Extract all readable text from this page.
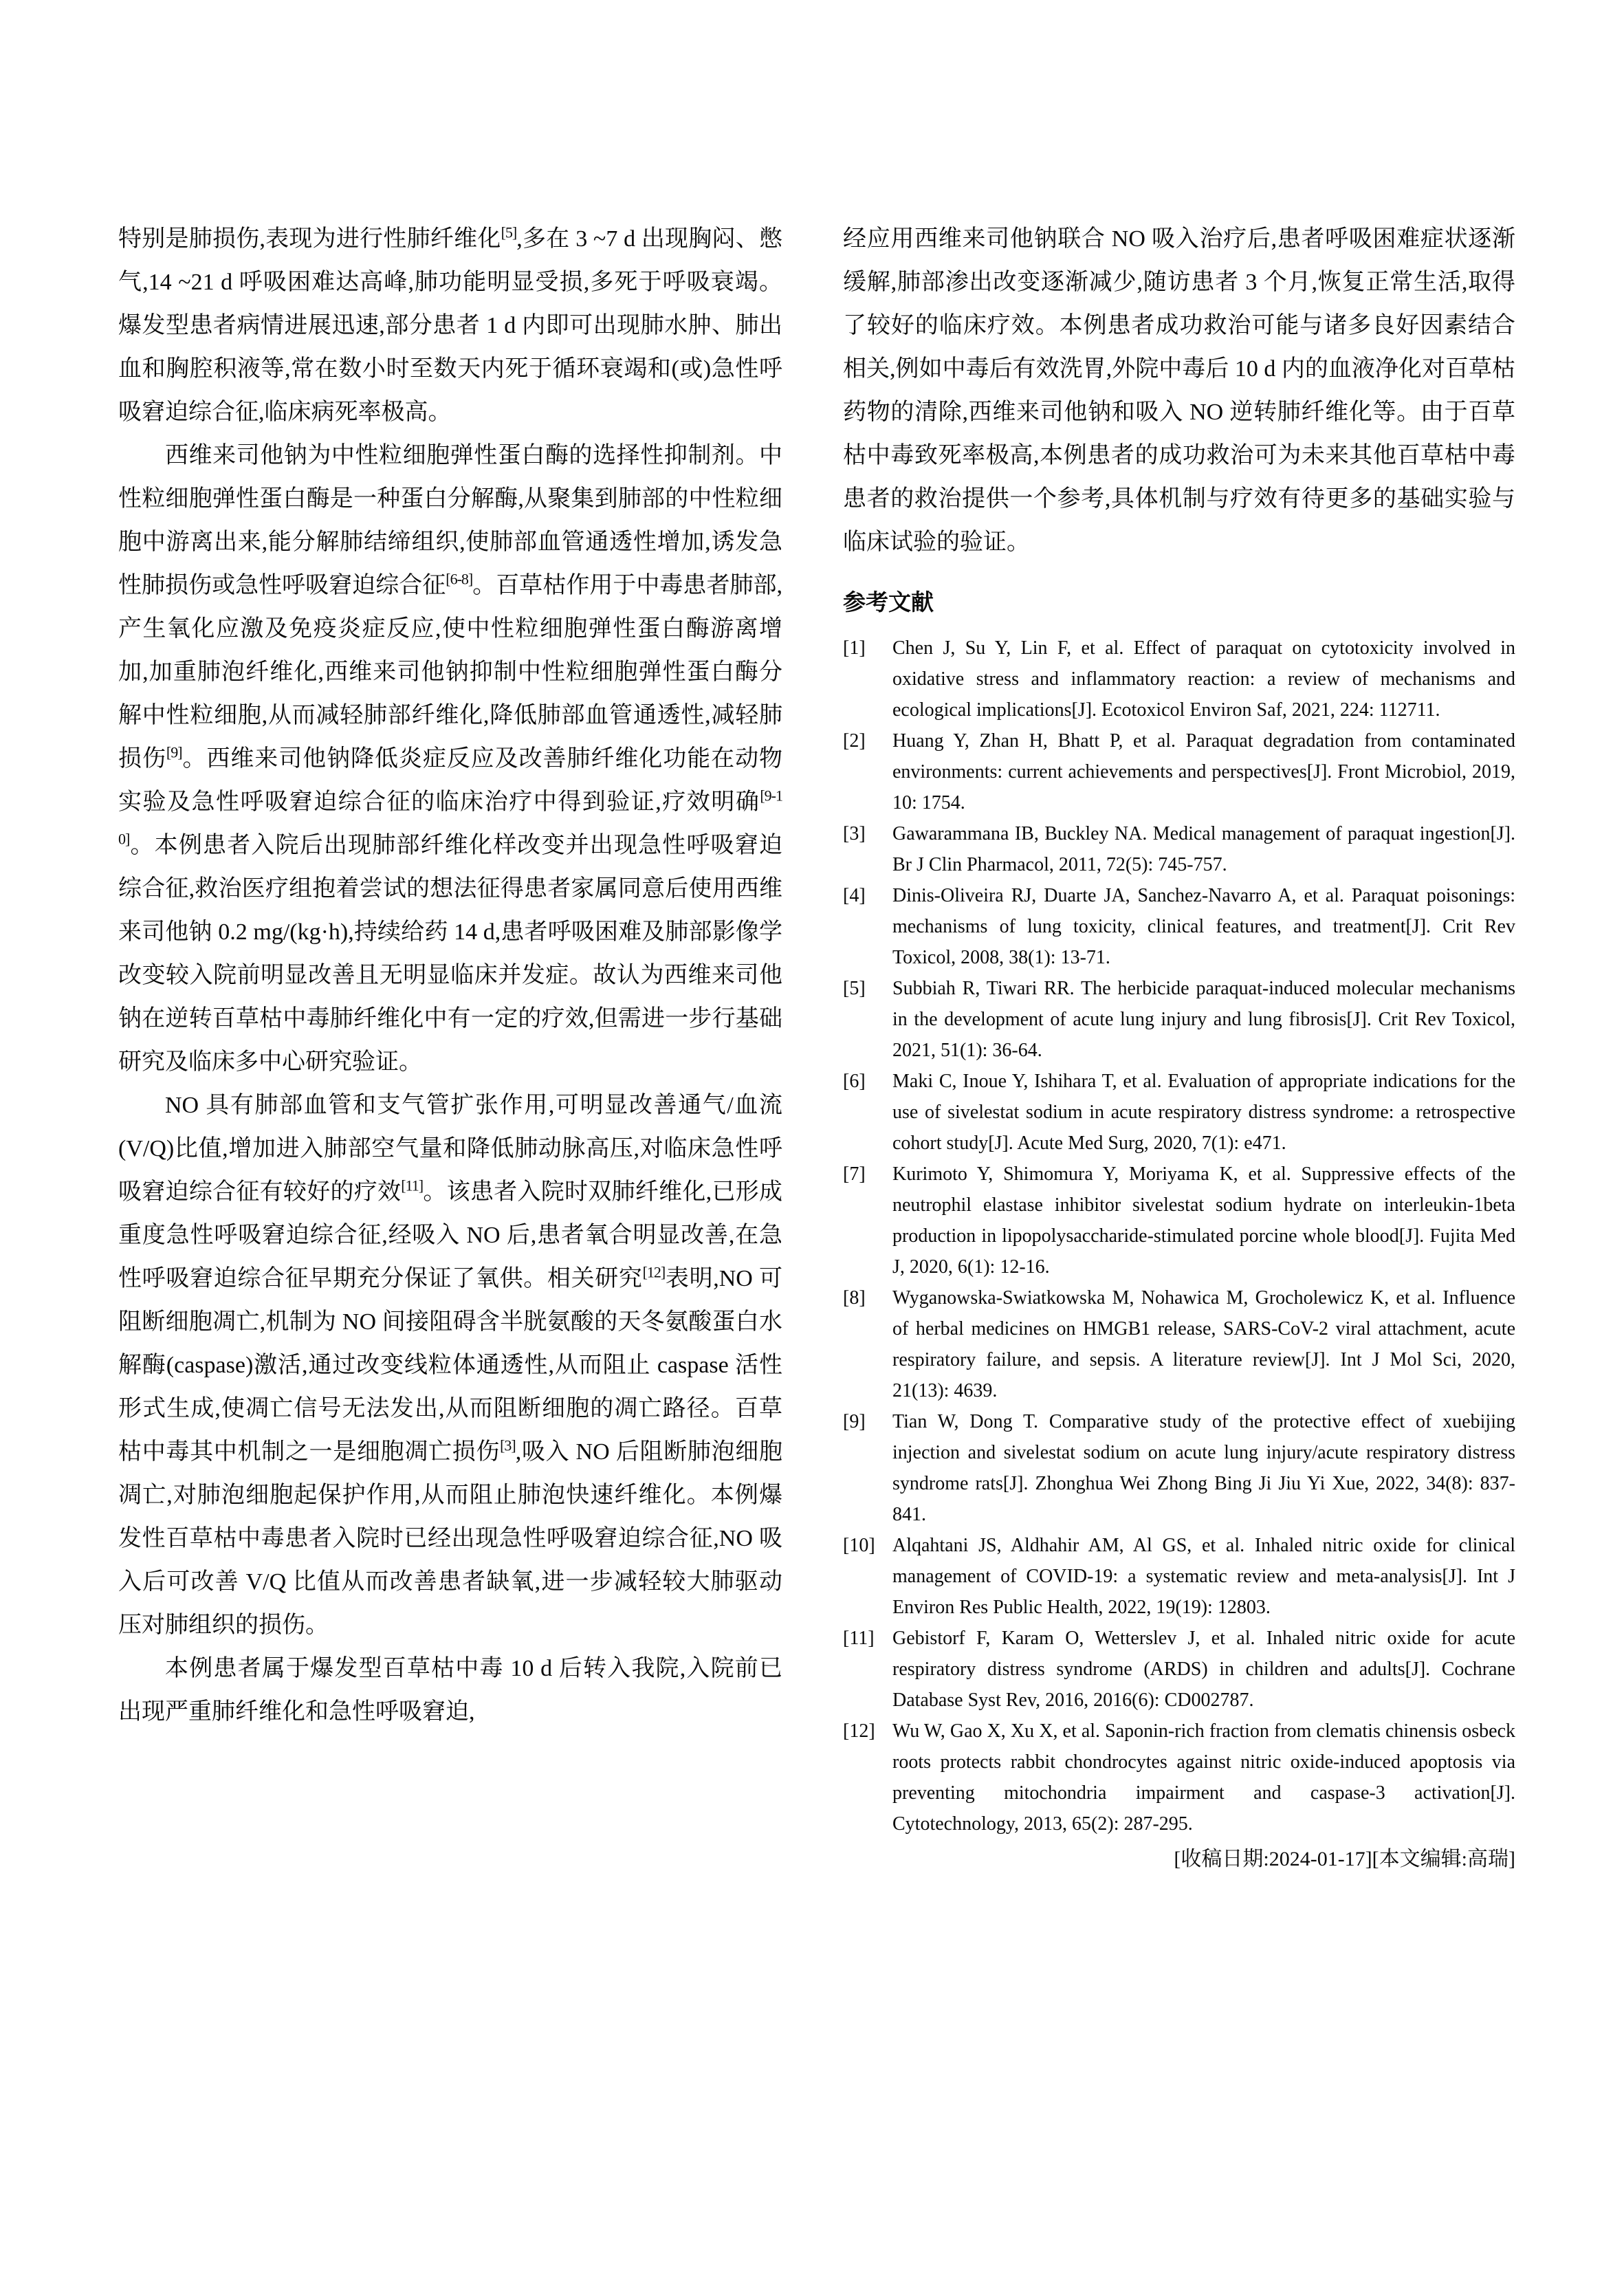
特别是肺损伤,表现为进行性肺纤维化[5],多在 3 ~7 d 出现胸闷、憋气,14 ~21 d 呼吸困难达高峰,肺功能明显受损,多死于呼吸衰竭。爆发型患者病情进展迅速,部分患者 1 d 内即可出现肺水肿、肺出血和胸腔积液等,常在数小时至数天内死于循环衰竭和(或)急性呼吸窘迫综合征,临床病死率极高。

西维来司他钠为中性粒细胞弹性蛋白酶的选择性抑制剂。中性粒细胞弹性蛋白酶是一种蛋白分解酶,从聚集到肺部的中性粒细胞中游离出来,能分解肺结缔组织,使肺部血管通透性增加,诱发急性肺损伤或急性呼吸窘迫综合征[6-8]。百草枯作用于中毒患者肺部,产生氧化应激及免疫炎症反应,使中性粒细胞弹性蛋白酶游离增加,加重肺泡纤维化,西维来司他钠抑制中性粒细胞弹性蛋白酶分解中性粒细胞,从而减轻肺部纤维化,降低肺部血管通透性,减轻肺损伤[9]。西维来司他钠降低炎症反应及改善肺纤维化功能在动物实验及急性呼吸窘迫综合征的临床治疗中得到验证,疗效明确[9-10]。本例患者入院后出现肺部纤维化样改变并出现急性呼吸窘迫综合征,救治医疗组抱着尝试的想法征得患者家属同意后使用西维来司他钠 0.2 mg/(kg·h),持续给药 14 d,患者呼吸困难及肺部影像学改变较入院前明显改善且无明显临床并发症。故认为西维来司他钠在逆转百草枯中毒肺纤维化中有一定的疗效,但需进一步行基础研究及临床多中心研究验证。

NO 具有肺部血管和支气管扩张作用,可明显改善通气/血流(V/Q)比值,增加进入肺部空气量和降低肺动脉高压,对临床急性呼吸窘迫综合征有较好的疗效[11]。该患者入院时双肺纤维化,已形成重度急性呼吸窘迫综合征,经吸入 NO 后,患者氧合明显改善,在急性呼吸窘迫综合征早期充分保证了氧供。相关研究[12]表明,NO 可阻断细胞凋亡,机制为 NO 间接阻碍含半胱氨酸的天冬氨酸蛋白水解酶(caspase)激活,通过改变线粒体通透性,从而阻止 caspase 活性形式生成,使凋亡信号无法发出,从而阻断细胞的凋亡路径。百草枯中毒其中机制之一是细胞凋亡损伤[3],吸入 NO 后阻断肺泡细胞凋亡,对肺泡细胞起保护作用,从而阻止肺泡快速纤维化。本例爆发性百草枯中毒患者入院时已经出现急性呼吸窘迫综合征,NO 吸入后可改善 V/Q 比值从而改善患者缺氧,进一步减轻较大肺驱动压对肺组织的损伤。

本例患者属于爆发型百草枯中毒 10 d 后转入我院,入院前已出现严重肺纤维化和急性呼吸窘迫,

经应用西维来司他钠联合 NO 吸入治疗后,患者呼吸困难症状逐渐缓解,肺部渗出改变逐渐减少,随访患者 3 个月,恢复正常生活,取得了较好的临床疗效。本例患者成功救治可能与诸多良好因素结合相关,例如中毒后有效洗胃,外院中毒后 10 d 内的血液净化对百草枯药物的清除,西维来司他钠和吸入 NO 逆转肺纤维化等。由于百草枯中毒致死率极高,本例患者的成功救治可为未来其他百草枯中毒患者的救治提供一个参考,具体机制与疗效有待更多的基础实验与临床试验的验证。

参考文献
[1] Chen J, Su Y, Lin F, et al. Effect of paraquat on cytotoxicity involved in oxidative stress and inflammatory reaction: a review of mechanisms and ecological implications[J]. Ecotoxicol Environ Saf, 2021, 224: 112711.
[2] Huang Y, Zhan H, Bhatt P, et al. Paraquat degradation from contaminated environments: current achievements and perspectives[J]. Front Microbiol, 2019, 10: 1754.
[3] Gawarammana IB, Buckley NA. Medical management of paraquat ingestion[J]. Br J Clin Pharmacol, 2011, 72(5): 745-757.
[4] Dinis-Oliveira RJ, Duarte JA, Sanchez-Navarro A, et al. Paraquat poisonings: mechanisms of lung toxicity, clinical features, and treatment[J]. Crit Rev Toxicol, 2008, 38(1): 13-71.
[5] Subbiah R, Tiwari RR. The herbicide paraquat-induced molecular mechanisms in the development of acute lung injury and lung fibrosis[J]. Crit Rev Toxicol, 2021, 51(1): 36-64.
[6] Maki C, Inoue Y, Ishihara T, et al. Evaluation of appropriate indications for the use of sivelestat sodium in acute respiratory distress syndrome: a retrospective cohort study[J]. Acute Med Surg, 2020, 7(1): e471.
[7] Kurimoto Y, Shimomura Y, Moriyama K, et al. Suppressive effects of the neutrophil elastase inhibitor sivelestat sodium hydrate on interleukin-1beta production in lipopolysaccharide-stimulated porcine whole blood[J]. Fujita Med J, 2020, 6(1): 12-16.
[8] Wyganowska-Swiatkowska M, Nohawica M, Grocholewicz K, et al. Influence of herbal medicines on HMGB1 release, SARS-CoV-2 viral attachment, acute respiratory failure, and sepsis. A literature review[J]. Int J Mol Sci, 2020, 21(13): 4639.
[9] Tian W, Dong T. Comparative study of the protective effect of xuebijing injection and sivelestat sodium on acute lung injury/acute respiratory distress syndrome rats[J]. Zhonghua Wei Zhong Bing Ji Jiu Yi Xue, 2022, 34(8): 837-841.
[10] Alqahtani JS, Aldhahir AM, Al GS, et al. Inhaled nitric oxide for clinical management of COVID-19: a systematic review and meta-analysis[J]. Int J Environ Res Public Health, 2022, 19(19): 12803.
[11] Gebistorf F, Karam O, Wetterslev J, et al. Inhaled nitric oxide for acute respiratory distress syndrome (ARDS) in children and adults[J]. Cochrane Database Syst Rev, 2016, 2016(6): CD002787.
[12] Wu W, Gao X, Xu X, et al. Saponin-rich fraction from clematis chinensis osbeck roots protects rabbit chondrocytes against nitric oxide-induced apoptosis via preventing mitochondria impairment and caspase-3 activation[J]. Cytotechnology, 2013, 65(2): 287-295.
[收稿日期:2024-01-17][本文编辑:高瑞]
